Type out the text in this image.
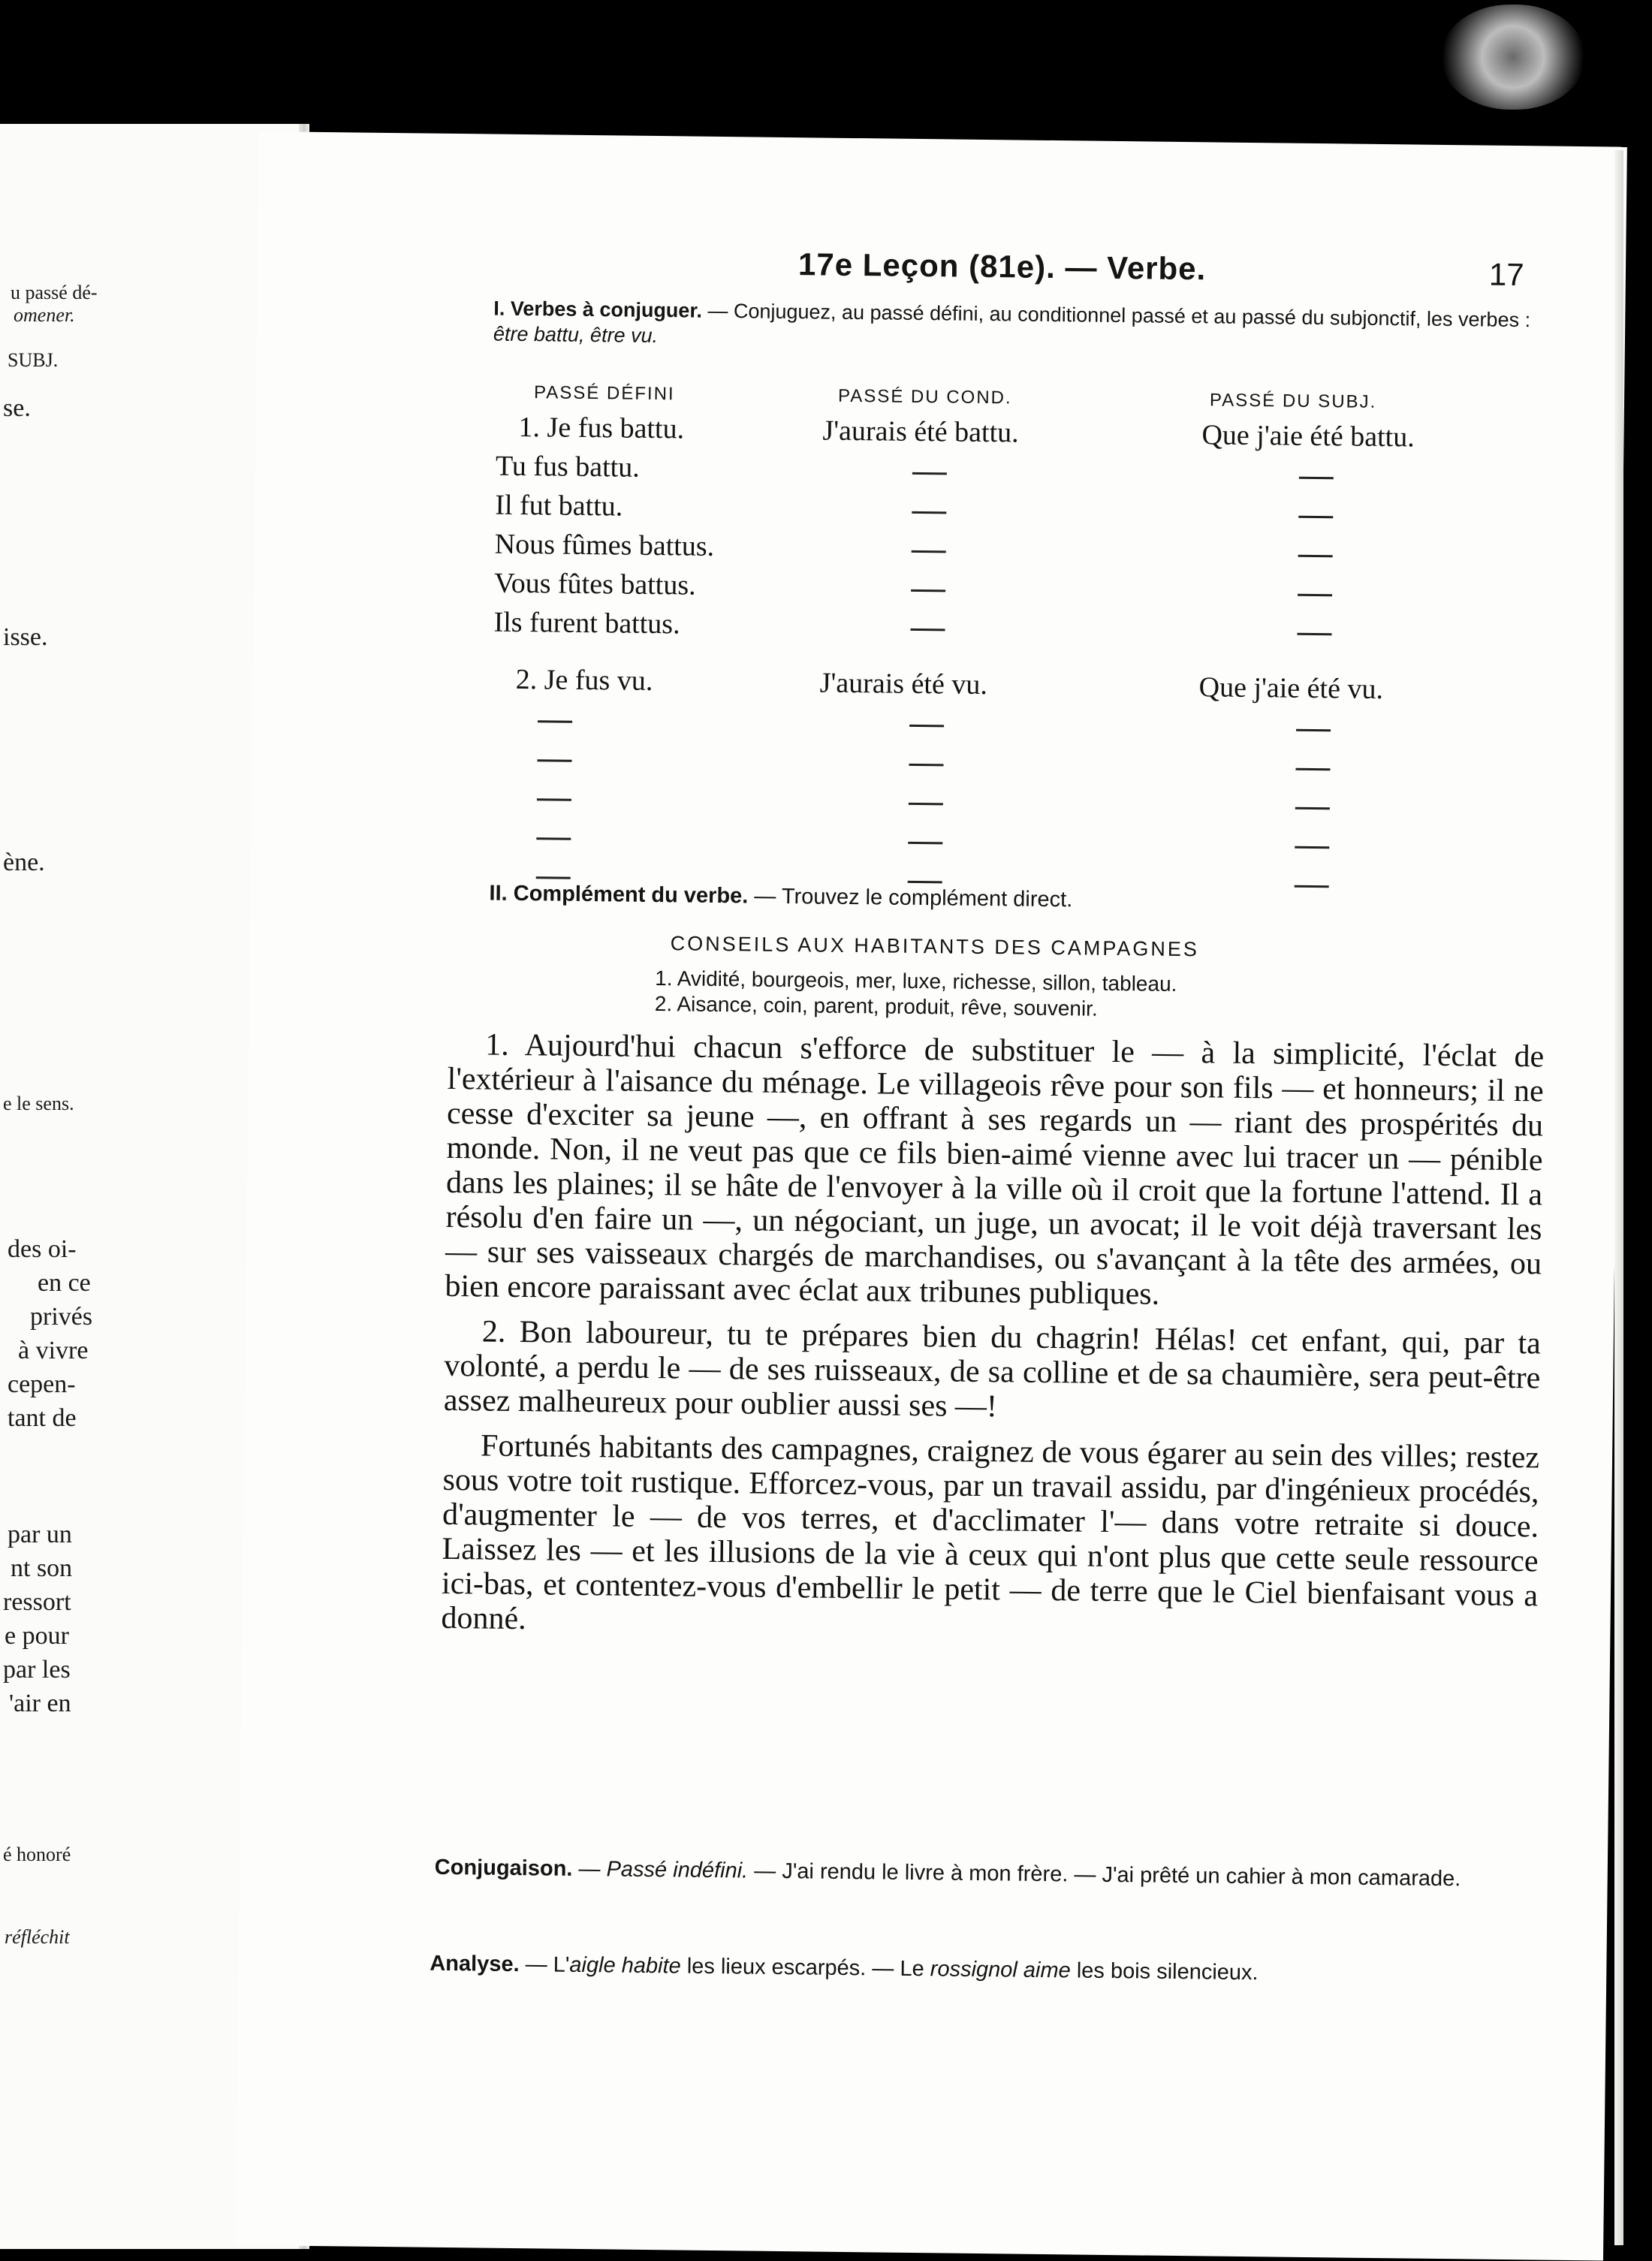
u passé dé-
omener.
SUBJ.
se.
isse.
ène.
e le sens.
des oi-
en ce
privés
à vivre
cepen-
tant de
par un
nt son
ressort
e pour
par les
'air en
é honoré
réfléchit
17e Leçon (81e). — Verbe.	17
I. Verbes à conjuguer. — Conjuguez, au passé défini, au conditionnel passé et au passé du subjonctif, les verbes : être battu, être vu.
PASSÉ DÉFINI
1. Je fus battu.
Tu fus battu.
Il fut battu.
Nous fûmes battus.
Vous fûtes battus.
Ils furent battus.
2. Je fus vu.
PASSÉ DU COND.
J'aurais été battu.
J'aurais été vu.
PASSÉ DU SUBJ.
Que j'aie été battu.
Que j'aie été vu.
II. Complément du verbe. — Trouvez le complément direct.
CONSEILS AUX HABITANTS DES CAMPAGNES
1. Avidité, bourgeois, mer, luxe, richesse, sillon, tableau.
2. Aisance, coin, parent, produit, rêve, souvenir.

1. Aujourd'hui chacun s'efforce de substituer le — à la simplicité, l'éclat de l'extérieur à l'aisance du ménage. Le villageois rêve pour son fils — et honneurs; il ne cesse d'exciter sa jeune —, en offrant à ses regards un — riant des prospérités du monde. Non, il ne veut pas que ce fils bien-aimé vienne avec lui tracer un — pénible dans les plaines; il se hâte de l'envoyer à la ville où il croit que la fortune l'attend. Il a résolu d'en faire un —, un négociant, un juge, un avocat; il le voit déjà traversant les — sur ses vaisseaux chargés de marchandises, ou s'avançant à la tête des armées, ou bien encore paraissant avec éclat aux tribunes publiques.

2. Bon laboureur, tu te prépares bien du chagrin! Hélas! cet enfant, qui, par ta volonté, a perdu le — de ses ruisseaux, de sa colline et de sa chaumière, sera peut-être assez malheureux pour oublier aussi ses —!

Fortunés habitants des campagnes, craignez de vous égarer au sein des villes; restez sous votre toit rustique. Efforcez-vous, par un travail assidu, par d'ingénieux procédés, d'augmenter le — de vos terres, et d'acclimater l'— dans votre retraite si douce. Laissez les — et les illusions de la vie à ceux qui n'ont plus que cette seule ressource ici-bas, et contentez-vous d'embellir le petit — de terre que le Ciel bienfaisant vous a donné.

Conjugaison. — Passé indéfini. — J'ai rendu le livre à mon frère. — J'ai prêté un cahier à mon camarade.
Analyse. — L'aigle habite les lieux escarpés. — Le rossignol aime les bois silencieux.
